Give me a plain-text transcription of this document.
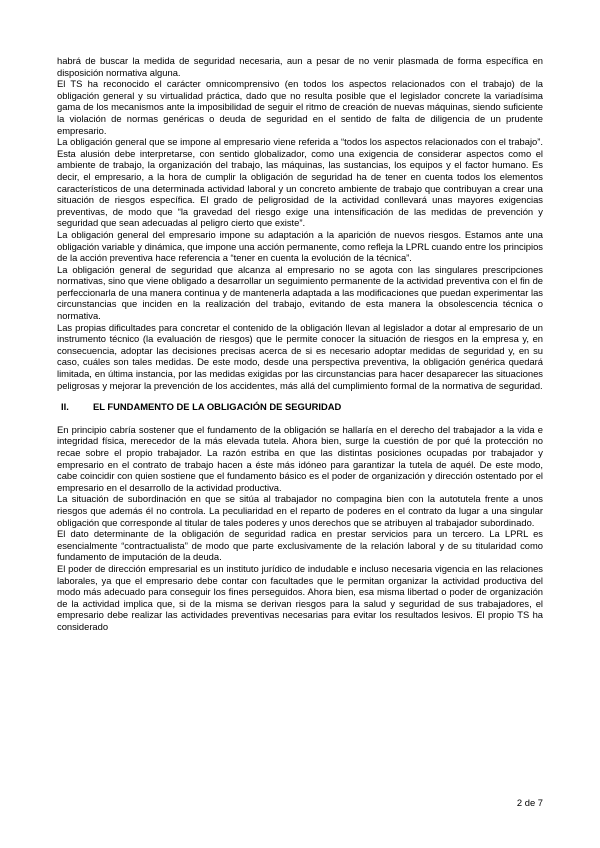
habrá de buscar la medida de seguridad necesaria, aun a pesar de no venir plasmada de forma específica en disposición normativa alguna.

El TS ha reconocido el carácter omnicomprensivo (en todos los aspectos relacionados con el trabajo) de la obligación general y su virtualidad práctica, dado que no resulta posible que el legislador concrete la variadísima gama de los mecanismos ante la imposibilidad de seguir el ritmo de creación de nuevas máquinas, siendo suficiente la violación de normas genéricas o deuda de seguridad en el sentido de falta de diligencia de un prudente empresario.

La obligación general que se impone al empresario viene referida a “todos los aspectos relacionados con el trabajo”. Esta alusión debe interpretarse, con sentido globalizador, como una exigencia de considerar aspectos como el ambiente de trabajo, la organización del trabajo, las máquinas, las sustancias, los equipos y el factor humano. Es decir, el empresario, a la hora de cumplir la obligación de seguridad ha de tener en cuenta todos los elementos característicos de una determinada actividad laboral y un concreto ambiente de trabajo que contribuyan a crear una situación de riesgos específica. El grado de peligrosidad de la actividad conllevará unas mayores exigencias preventivas, de modo que “la gravedad del riesgo exige una intensificación de las medidas de prevención y seguridad que sean adecuadas al peligro cierto que existe”.

La obligación general del empresario impone su adaptación a la aparición de nuevos riesgos. Estamos ante una obligación variable y dinámica, que impone una acción permanente, como refleja la LPRL cuando entre los principios de la acción preventiva hace referencia a “tener en cuenta la evolución de la técnica”.

La obligación general de seguridad que alcanza al empresario no se agota con las singulares prescripciones normativas, sino que viene obligado a desarrollar un seguimiento permanente de la actividad preventiva con el fin de perfeccionarla de una manera continua y de mantenerla adaptada a las modificaciones que puedan experimentar las circunstancias que inciden en la realización del trabajo, evitando de esta manera la obsolescencia técnica o normativa.

Las propias dificultades para concretar el contenido de la obligación llevan al legislador a dotar al empresario de un instrumento técnico (la evaluación de riesgos) que le permite conocer la situación de riesgos en la empresa y, en consecuencia, adoptar las decisiones precisas acerca de si es necesario adoptar medidas de seguridad y, en su caso, cuáles son tales medidas. De este modo, desde una perspectiva preventiva, la obligación genérica quedará limitada, en última instancia, por las medidas exigidas por las circunstancias para hacer desaparecer las situaciones peligrosas y mejorar la prevención de los accidentes, más allá del cumplimiento formal de la normativa de seguridad.

II.	EL FUNDAMENTO DE LA OBLIGACIÓN DE SEGURIDAD

En principio cabría sostener que el fundamento de la obligación se hallaría en el derecho del trabajador a la vida e integridad física, merecedor de la más elevada tutela. Ahora bien, surge la cuestión de por qué la protección no recae sobre el propio trabajador. La razón estriba en que las distintas posiciones ocupadas por trabajador y empresario en el contrato de trabajo hacen a éste más idóneo para garantizar la tutela de aquél. De este modo, cabe coincidir con quien sostiene que el fundamento básico es el poder de organización y dirección ostentado por el empresario en el desarrollo de la actividad productiva.

La situación de subordinación en que se sitúa al trabajador no compagina bien con la autotutela frente a unos riesgos que además él no controla. La peculiaridad en el reparto de poderes en el contrato da lugar a una singular obligación que corresponde al titular de tales poderes y unos derechos que se atribuyen al trabajador subordinado.

El dato determinante de la obligación de seguridad radica en prestar servicios para un tercero. La LPRL es esencialmente “contractualista” de modo que parte exclusivamente de la relación laboral y de su titularidad como fundamento de imputación de la deuda.

El poder de dirección empresarial es un instituto jurídico de indudable e incluso necesaria vigencia en las relaciones laborales, ya que el empresario debe contar con facultades que le permitan organizar la actividad productiva del modo más adecuado para conseguir los fines perseguidos. Ahora bien, esa misma libertad o poder de organización de la actividad implica que, si de la misma se derivan riesgos para la salud y seguridad de sus trabajadores, el empresario debe realizar las actividades preventivas necesarias para evitar los resultados lesivos. El propio TS ha considerado

2 de 7
